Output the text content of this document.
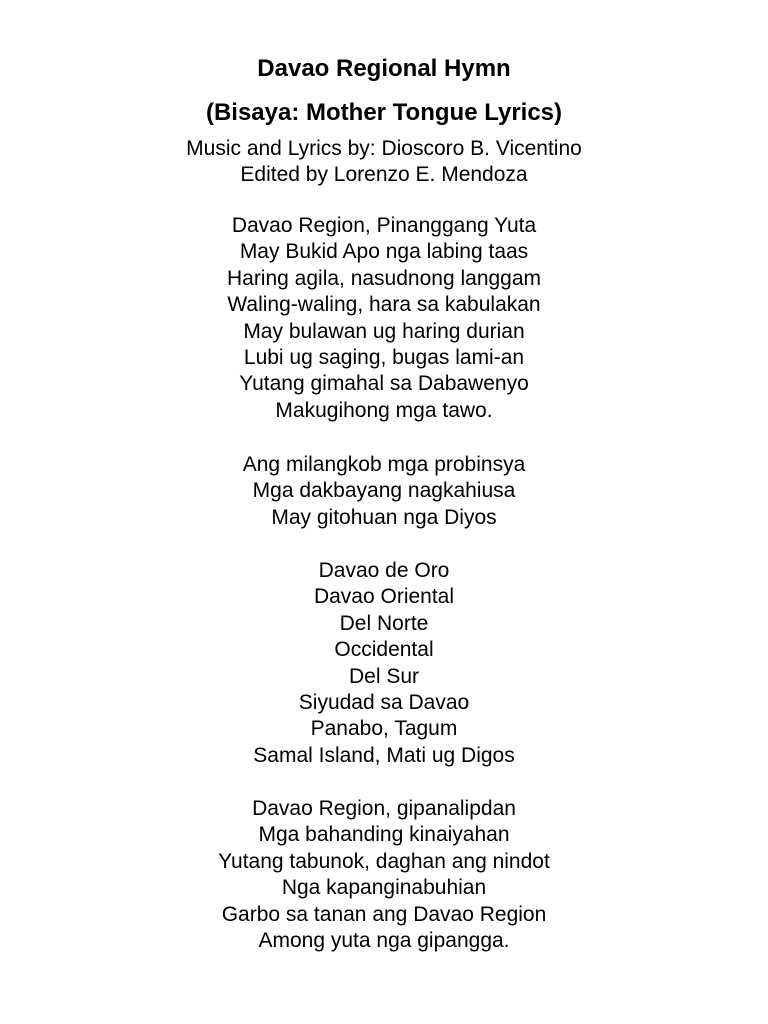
Davao Regional Hymn
(Bisaya: Mother Tongue Lyrics)
Music and Lyrics by: Dioscoro B. Vicentino
Edited by Lorenzo E. Mendoza
Davao Region, Pinanggang Yuta
May Bukid Apo nga labing taas
Haring agila, nasudnong langgam
Waling-waling, hara sa kabulakan
May bulawan ug haring durian
Lubi ug saging, bugas lami-an
Yutang gimahal sa Dabawenyo
Makugihong mga tawo.
Ang milangkob mga probinsya
Mga dakbayang nagkahiusa
May gitohuan nga Diyos
Davao de Oro
Davao Oriental
Del Norte
Occidental
Del Sur
Siyudad sa Davao
Panabo, Tagum
Samal Island, Mati ug Digos
Davao Region, gipanalipdan
Mga bahanding kinaiyahan
Yutang tabunok, daghan ang nindot
Nga kapanginabuhian
Garbo sa tanan ang Davao Region
Among yuta nga gipangga.
